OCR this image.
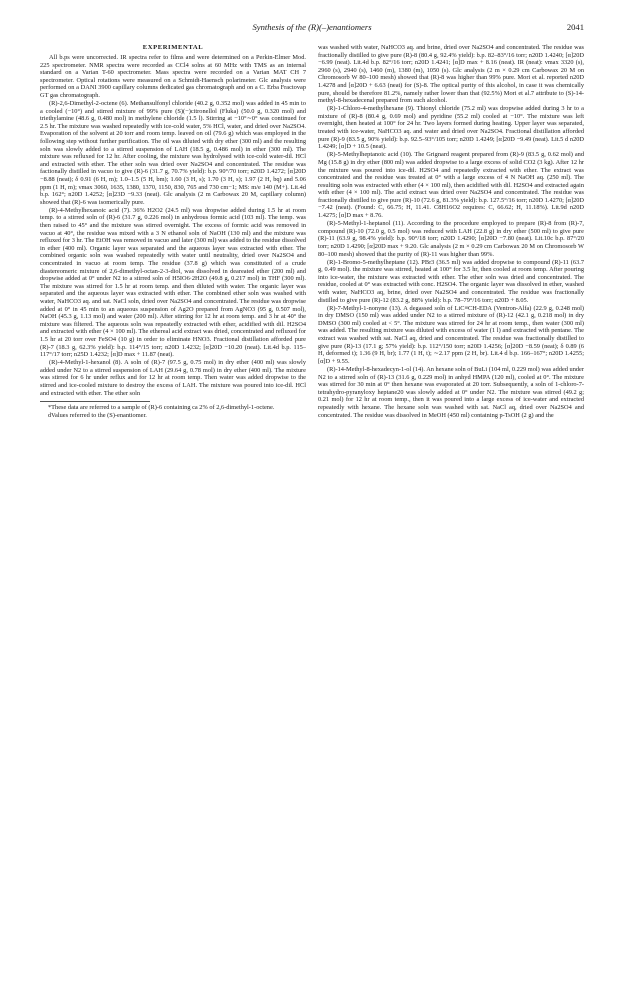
Synthesis of the (R)(–)enantiomers	2041
EXPERIMENTAL

All b.ps were uncorrected. IR spectra refer to films and were determined on a Perkin-Elmer Mod. 225 spectrometer. NMR spectra were recorded as CCl4 solns at 60 MHz with TMS as an internal standard on a Varian T-60 spectrometer. Mass spectra were recorded on a Varian MAT CH 7 spectrometer. Optical rotations were measured on a Schmidt-Haensch polarimeter. Glc analysis were performed on a DANI 3900 capillary columns dedicated gas chromatograph and on a C. Erba Fractovap GT gas chromatograph.

(R)-2,6-Dimethyl-2-octene (6). Methansulfonyl chloride (40.2 g, 0.352 mol) was added in 45 min to a cooled (−10°) and stirred mixture of 99% pure (S)(−)citronellol (Fluka) (50.0 g, 0.320 mol) and triethylamine (48.6 g, 0.480 mol) in methylene chloride (1.5 l). Stirring at −10°∼0° was continued for 2.5 hr. The mixture was washed repeatedly with ice-cold water, 5% HCl, water, and dried over Na2SO4. Evaporation of the solvent at 20 torr and room temp. leaved on oil (79.6 g) which was employed in the following step without further purification. The oil was diluted with dry ether (300 ml) and the resulting soln was slowly added to a stirred suspension of LAH (18.5 g, 0.486 mol) in ether (300 ml). The mixture was refluxed for 12 hr. After cooling, the mixture was hydrolysed with ice-cold water-dil. HCl and extracted with ether. The ether soln was dried over Na2SO4 and concentrated. The residue was factionally distilled in vacuo to give (R)-6 (31.7 g, 70.7% yield): b.p. 90°/70 torr; n20D 1.4272; [α]20D −8.88 (neat); δ 0.91 (6 H, m); 1.0–1.5 (5 H, bm); 1.60 (3 H, s); 1.70 (3 H, s); 1.97 (2 H, bq) and 5.06 ppm (1 H, m); νmax 3060, 1635, 1380, 1370, 1150, 830, 765 and 730 cm−1; MS: m/e 140 (M+). Lit.4d b.p. 162°; n20D 1.4252; [α]23D −9.33 (neat). Glc analysis (2 m Carbowax 20 M, capillary column) showed that (R)-6 was isomerically pure.

(R)-4-Methylhexanoic acid (7). 36% H2O2 (24.5 ml) was dropwise added during 1.5 hr at room temp. to a stirred soln of (R)-6 (31.7 g, 0.226 mol) in anhydrous formic acid (103 ml). The temp. was then raised to 45° and the mixture was stirred overnight. The excess of formic acid was removed in vacuo at 40°, the residue was mixed with a 3 N ethanol soln of NaOH (130 ml) and the mixture was refluxed for 3 hr. The EtOH was removed in vacuo and later (300 ml) was added to the residue dissolved in ether (400 ml). Organic layer was separated and the aqueous layer was extracted with ether. The combined organic soln was washed repeatedly with water until neutrality, dried over Na2SO4 and concentrated in vacuo at room temp. The residue (37.8 g) which was constituted of a crude diastereomeric mixture of 2,6-dimethyl-octan-2-3-diol, was dissolved in deareated ether (200 ml) and dropwise added at 0° under N2 to a stirred soln of H5IO6·2H2O (49.8 g, 0.217 mol) in THF (300 ml). The mixture was stirred for 1.5 hr at room temp. and then diluted with water. The organic layer was separated and the aqueous layer was extracted with ether. The combined ether soln was washed with water, NaHCO3 aq. and sat. NaCl soln, dried over Na2SO4 and concentrated. The residue was dropwise added at 0° in 45 min to an aqueous suspension of Ag2O prepared from AgNO3 (95 g, 0.507 mol), NaOH (45.3 g, 1.13 mol) and water (200 ml). After stirring for 12 hr at room temp. and 3 hr at 40° the mixture was filtered. The aqueous soln was repeatedly extracted with ether, acidified with dil. H2SO4 and extracted with ether (4 × 100 ml). The ethereal acid extract was dried, concentrated and refluxed for 1.5 hr at 20 torr over FeSO4 (10 g) in order to eliminate HNO3. Fractional distillation afforded pure (R)-7 (18.3 g, 62.3% yield): b.p. 114°/15 torr; n20D 1.4232; [α]20D −10.20 (neat). Lit.4d b.p. 115–117°/17 torr; n25D 1.4232; [α]D max + 11.87 (neat).

(R)-4-Methyl-1-hexanol (8). A soln of (R)-7 (97.5 g, 0.75 mol) in dry ether (400 ml) was slowly added under N2 to a stirred suspension of LAH (29.64 g, 0.78 mol) in dry ether (400 ml). The mixture was stirred for 6 hr under reflux and for 12 hr at room temp. Then water was added dropwise to the stirred and ice-cooled mixture to destroy the excess of LAH. The mixture was poured into ice-dil. HCl and extracted with ether. The ether soln

*These data are referred to a sample of (R)-6 containing ca 2% of 2,6-dimethyl-1-octene.

dValues referred to the (S)-enantiomer.

was washed with water, NaHCO3 aq. and brine, dried over Na2SO4 and concentrated. The residue was fractionally distilled to give pure (R)-8 (80.4 g, 92.4% yield): b.p. 82–83°/16 torr; n20D 1.4240; [α]20D −6.99 (neat). Lit.4d b.p. 82°/16 torr; n20D 1.4241; [α]D max + 8.16 (neat). IR (neat): νmax 3320 (s), 2960 (s), 2940 (s), 1460 (m), 1380 (m), 1050 (s). Glc analysis (2 m × 0.29 cm Carbowax 20 M on Chromosorb W 80–100 mesh) showed that (R)-8 was higher than 99% pure. Mori et al. reported n20D 1.4278 and [α]20D + 6.63 (neat) for (S)-8. The optical purity of this alcohol, in case it was chemically pure, should be therefore 81.2%, namely rather lower than that (92.5%) Mori et al.7 attribute to (S)-14-methyl-8-hexadecenal prepared from such alcohol.

(R)-1-Chloro-4-methylhexane (9). Thionyl chloride (75.2 ml) was dropwise added during 3 hr to a mixture of (R)-8 (80.4 g, 0.69 mol) and pyridine (55.2 ml) cooled at −10°. The mixture was left overnight, then heated at 100° for 24 hr. Two layers formed during heating. Upper layer was separated, treated with ice-water, NaHCO3 aq. and water and dried over Na2SO4. Fractional distillation afforded pure (R)-9 (83.5 g, 90% yield): b.p. 92.5–93°/105 torr; n20D 1.4249; [α]20D −9.49 (neat). Lit.5 d n20D 1.4249; [α]D + 10.5 (neat).

(R)-5-Methylheptanoic acid (10). The Grignard reagent prepared from (R)-9 (83.5 g, 0.62 mol) and Mg (15.8 g) in dry ether (800 ml) was added dropwise to a large excess of solid CO2 (3 kg). After 12 hr the mixture was poured into ice-dil. H2SO4 and repeatedly extracted with ether. The extract was concentrated and the residue was treated at 0° with a large excess of 4 N NaOH aq. (250 ml). The resulting soln was extracted with ether (4 × 100 ml), then acidified with dil. H2SO4 and extracted again with ether (4 × 100 ml). The acid extract was dried over Na2SO4 and concentrated. The residue was fractionally distilled to give pure (R)-10 (72.6 g, 81.3% yield): b.p. 127.5°/16 torr; n20D 1.4270; [α]20D −7.42 (neat). (Found: C, 66.75; H, 11.41. C8H16O2 requires: C, 66.62; H, 11.18%). Lit.9d n20D 1.4275; [α]D max + 8.76.

(R)-5-Methyl-1-heptanol (11). According to the procedure employed to prepare (R)-8 from (R)-7, compound (R)-10 (72.0 g, 0.5 mol) was reduced with LAH (22.8 g) in dry ether (500 ml) to give pure (R)-11 (63.9 g, 98.4% yield): b.p. 90°/18 torr; n20D 1.4290; [α]20D −7.80 (neat). Lit.10c b.p. 87°/20 torr; n20D 1.4290; [α]20D max + 9.20. Glc analysis (2 m × 0.29 cm Carbowax 20 M on Chromosorb W 80–100 mesh) showed that the purity of (R)-11 was higher than 99%.

(R)-1-Bromo-5-methylheptane (12). PBr3 (36.5 ml) was added dropwise to compound (R)-11 (63.7 g, 0.49 mol). the mixture was stirred, heated at 100° for 3.5 hr, then cooled at room temp. After pouring into ice-water, the mixture was extracted with ether. The ether soln was dried and concentrated. The residue, cooled at 0° was extracted with conc. H2SO4. The organic layer was dissolved in ether, washed with water, NaHCO3 aq, brine, dried over Na2SO4 and concentrated. The residue was fractionally distilled to give pure (R)-12 (83.2 g, 88% yield): b.p. 78–79°/16 torr; α20D + 8.05.

(R)-7-Methyl-1-nonyne (13). A degassed soln of LiC≡CH-EDA (Ventron-Alfa) (22.9 g, 0.248 mol) in dry DMSO (150 ml) was added under N2 to a stirred mixture of (R)-12 (42.1 g, 0.218 mol) in dry DMSO (300 ml) cooled at < 5°. The mixture was stirred for 24 hr at room temp., then water (300 ml) was added. The resulting mixture was diluted with excess of water (1 l) and extracted with pentane. The extract was washed with sat. NaCl aq, dried and concentrated. The residue was fractionally distilled to give pure (R)-13 (17.1 g; 57% yield): b.p. 112°/150 torr; n20D 1.4256; [α]20D −8.59 (neat); δ 0.89 (6 H, deformed t); 1.36 (9 H, br); 1.77 (1 H, t); ∼2.17 ppm (2 H, br). Lit.4 d b.p. 166–167°; n20D 1.4255; [α]D + 9.55.

(R)-14-Methyl-8-hexadecyn-1-ol (14). An hexane soln of BuLi (104 ml, 0.229 mol) was added under N2 to a stirred soln of (R)-13 (31.6 g, 0.229 mol) in anhyd HMPA (120 ml), cooled at 0°. The mixture was stirred for 30 min at 0° then hexane was evaporated at 20 torr. Subsequently, a soln of 1-chloro-7-tetrahydro-pyranyloxy heptane20 was slowly added at 0° under N2. The mixture was stirred (49.2 g; 0.21 mol) for 12 hr at room temp., then it was poured into a large excess of ice-water and extracted repeatedly with hexane. The hexane soln was washed with sat. NaCl aq, dried over Na2SO4 and concentrated. The residue was dissolved in MeOH (450 ml) containing p-TsOH (2 g) and the
